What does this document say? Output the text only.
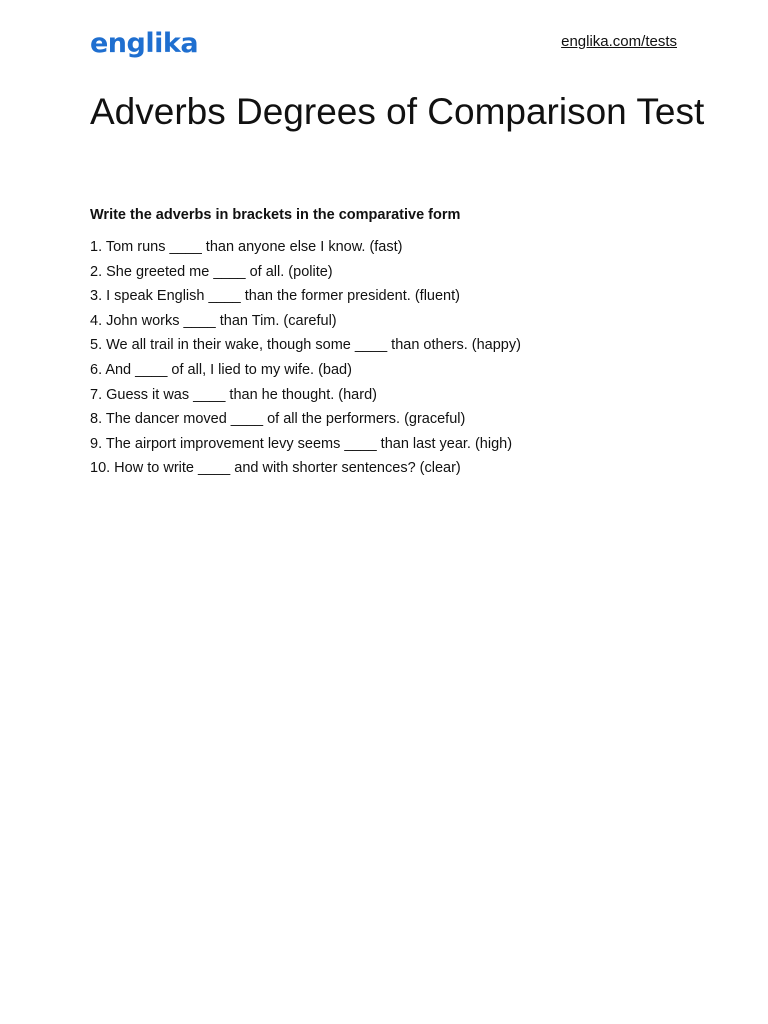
englika	englika.com/tests
Adverbs Degrees of Comparison Test
Write the adverbs in brackets in the comparative form
1. Tom runs ____ than anyone else I know. (fast)
2. She greeted me ____ of all. (polite)
3. I speak English ____ than the former president. (fluent)
4. John works ____ than Tim. (careful)
5. We all trail in their wake, though some ____ than others. (happy)
6. And ____ of all, I lied to my wife. (bad)
7. Guess it was ____ than he thought. (hard)
8. The dancer moved ____ of all the performers. (graceful)
9. The airport improvement levy seems ____ than last year. (high)
10. How to write ____ and with shorter sentences? (clear)
